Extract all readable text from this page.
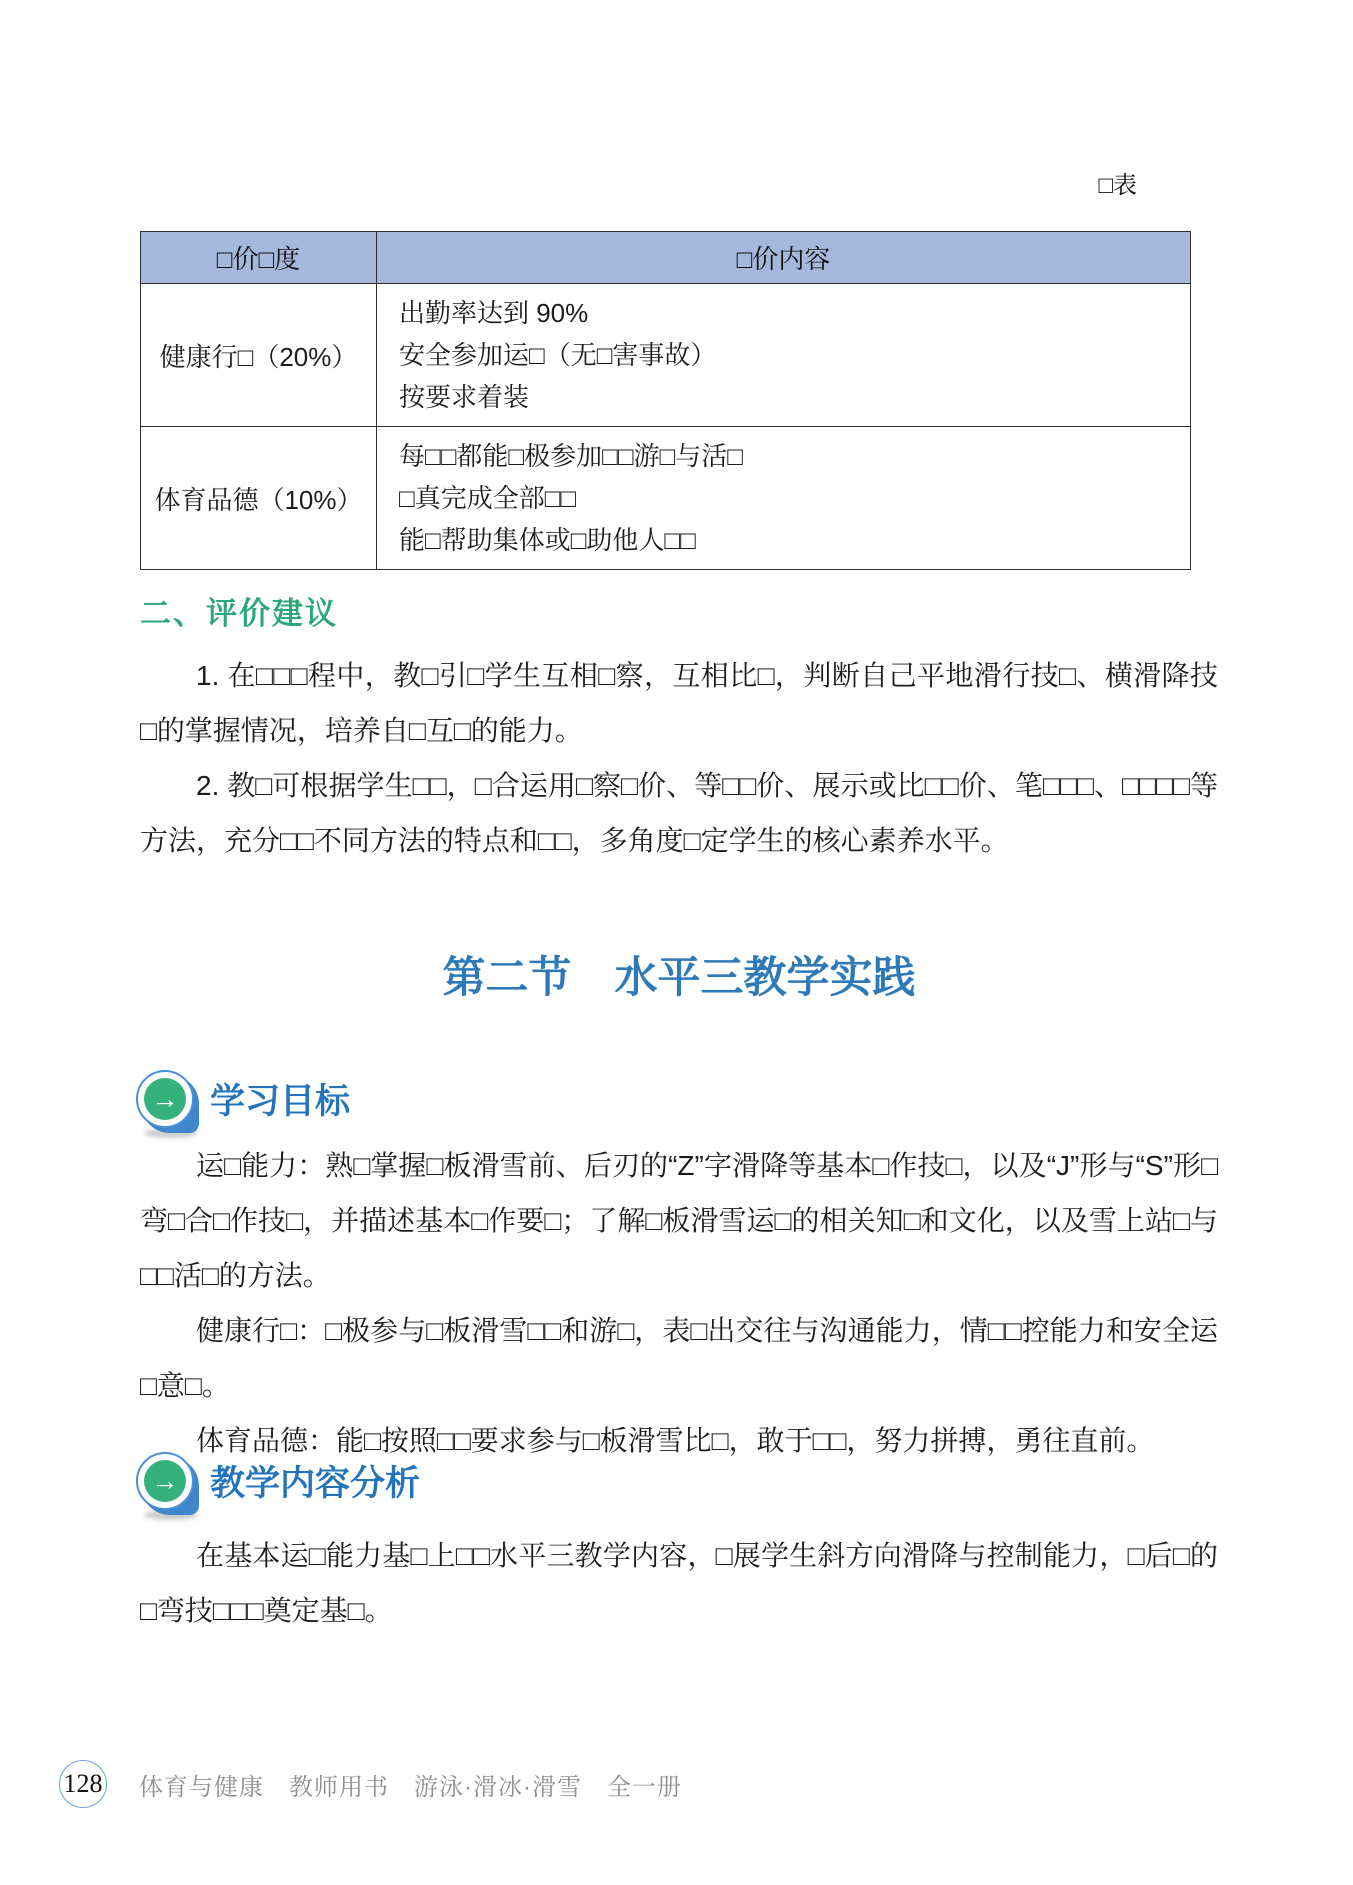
□表
□价□度	□价内容
健康行□（20%）	出勤率达到 90%
安全参加运□（无□害事故）
按要求着装

体育品德（10%）	每□□都能□极参加□□游□与活□
□真完成全部□□
能□帮助集体或□助他人□□
二、评价建议

1. 在□□□程中，教□引□学生互相□察，互相比□，判断自己平地滑行技□、横滑降技□的掌握情况，培养自□互□的能力。

2. 教□可根据学生□□，□合运用□察□价、等□□价、展示或比□□价、笔□□□、□□□□等方法，充分□□不同方法的特点和□□，多角度□定学生的核心素养水平。

第二节　水平三教学实践
→ 学习目标

运□能力：熟□掌握□板滑雪前、后刃的“Z”字滑降等基本□作技□，以及“J”形与“S”形□弯□合□作技□，并描述基本□作要□；了解□板滑雪运□的相关知□和文化，以及雪上站□与□□活□的方法。

健康行□：□极参与□板滑雪□□和游□，表□出交往与沟通能力，情□□控能力和安全运□意□。

体育品德：能□按照□□要求参与□板滑雪比□，敢于□□，努力拼搏，勇往直前。

→ 教学内容分析

在基本运□能力基□上□□水平三教学内容，□展学生斜方向滑降与控制能力，□后□的□弯技□□□奠定基□。

128 体育与健康　教师用书　游泳·滑冰·滑雪　全一册
